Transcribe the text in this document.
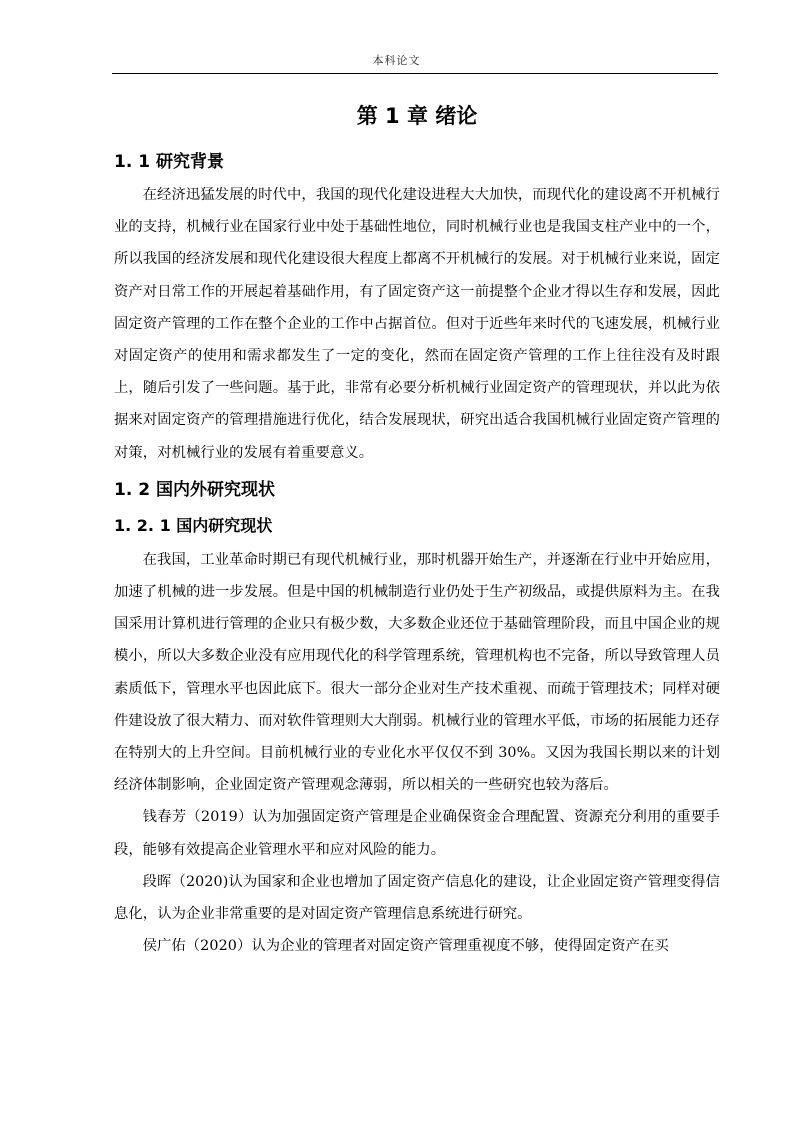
本科论文
第 1 章 绪论
1. 1 研究背景

在经济迅猛发展的时代中，我国的现代化建设进程大大加快，而现代化的建设离不开机械行业的支持，机械行业在国家行业中处于基础性地位，同时机械行业也是我国支柱产业中的一个，所以我国的经济发展和现代化建设很大程度上都离不开机械行的发展。对于机械行业来说，固定资产对日常工作的开展起着基础作用，有了固定资产这一前提整个企业才得以生存和发展，因此固定资产管理的工作在整个企业的工作中占据首位。但对于近些年来时代的飞速发展，机械行业对固定资产的使用和需求都发生了一定的变化，然而在固定资产管理的工作上往往没有及时跟上，随后引发了一些问题。基于此，非常有必要分析机械行业固定资产的管理现状，并以此为依据来对固定资产的管理措施进行优化，结合发展现状，研究出适合我国机械行业固定资产管理的对策，对机械行业的发展有着重要意义。

1. 2 国内外研究现状
1. 2. 1 国内研究现状

在我国，工业革命时期已有现代机械行业，那时机器开始生产，并逐渐在行业中开始应用，加速了机械的进一步发展。但是中国的机械制造行业仍处于生产初级品，或提供原料为主。在我国采用计算机进行管理的企业只有极少数，大多数企业还位于基础管理阶段，而且中国企业的规模小，所以大多数企业没有应用现代化的科学管理系统，管理机构也不完备，所以导致管理人员素质低下，管理水平也因此底下。很大一部分企业对生产技术重视、而疏于管理技术；同样对硬件建设放了很大精力、而对软件管理则大大削弱。机械行业的管理水平低，市场的拓展能力还存在特别大的上升空间。目前机械行业的专业化水平仅仅不到 30%。又因为我国长期以来的计划经济体制影响，企业固定资产管理观念薄弱，所以相关的一些研究也较为落后。

钱春芳（2019）认为加强固定资产管理是企业确保资金合理配置、资源充分利用的重要手段，能够有效提高企业管理水平和应对风险的能力。

段晖（2020)认为国家和企业也增加了固定资产信息化的建设，让企业固定资产管理变得信息化，认为企业非常重要的是对固定资产管理信息系统进行研究。

侯广佑（2020）认为企业的管理者对固定资产管理重视度不够，使得固定资产在买
